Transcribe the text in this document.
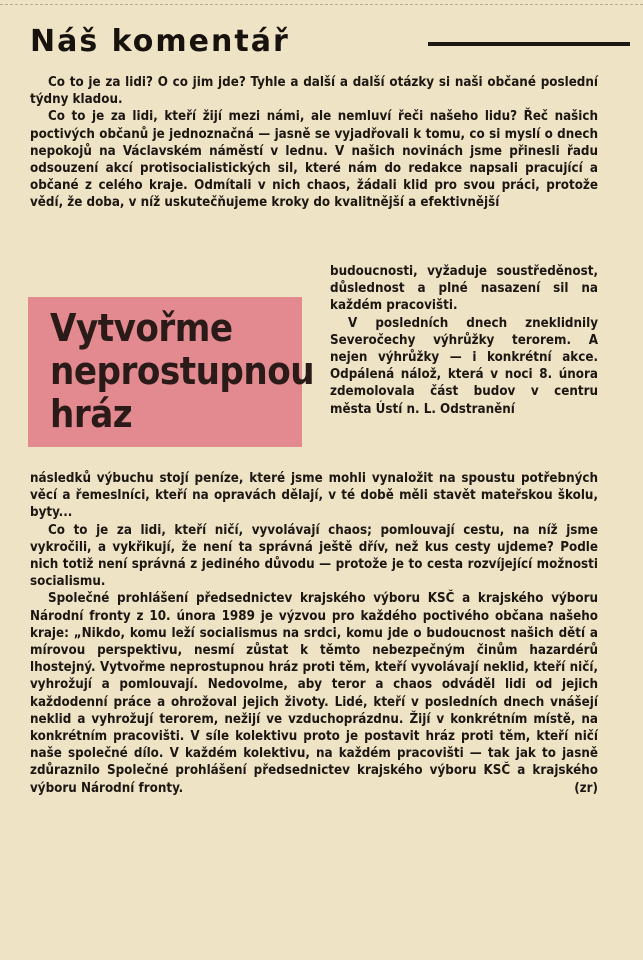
Náš komentář

Co to je za lidi? O co jim jde? Tyhle a další a další otázky si naši občané poslední týdny kladou.

Co to je za lidi, kteří žijí mezi námi, ale nemluví řeči našeho lidu? Řeč našich poctivých občanů je jednoznačná — jasně se vyjadřovali k tomu, co si myslí o dnech nepokojů na Václavském náměstí v lednu. V našich novinách jsme přinesli řadu odsouzení akcí protisocialistických sil, které nám do redakce napsali pracující a občané z celého kraje. Odmítali v nich chaos, žádali klid pro svou práci, protože vědí, že doba, v níž uskutečňujeme kroky do kvalitnější a efektivnější

Vytvořme
neprostupnou
hráz

budoucnosti, vyžaduje soustředěnost, důslednost a plné nasazení sil na každém pracovišti.

V posledních dnech zneklidnily Severočechy výhrůžky terorem. A nejen výhrůžky — i konkrétní akce. Odpálená nálož, která v noci 8. února zdemolovala část budov v centru města Ústí n. L. Odstranění

následků výbuchu stojí peníze, které jsme mohli vynaložit na spoustu potřebných věcí a řemeslníci, kteří na opravách dělají, v té době měli stavět mateřskou školu, byty...

Co to je za lidi, kteří ničí, vyvolávají chaos; pomlouvají cestu, na níž jsme vykročili, a vykřikují, že není ta správná ještě dřív, než kus cesty ujdeme? Podle nich totiž není správná z jediného důvodu — protože je to cesta rozvíjející možnosti socialismu.

Společné prohlášení předsednictev krajského výboru KSČ a krajského výboru Národní fronty z 10. února 1989 je výzvou pro každého poctivého občana našeho kraje: „Nikdo, komu leží socialismus na srdci, komu jde o budoucnost našich dětí a mírovou perspektivu, nesmí zůstat k těmto nebezpečným činům hazardérů lhostejný. Vytvořme neprostupnou hráz proti těm, kteří vyvolávají neklid, kteří ničí, vyhrožují a pomlouvají. Nedovolme, aby teror a chaos odváděl lidi od jejich každodenní práce a ohrožoval jejich životy. Lidé, kteří v posledních dnech vnášejí neklid a vyhrožují terorem, nežijí ve vzduchoprázdnu. Žijí v konkrétním místě, na konkrétním pracovišti. V síle kolektivu proto je postavit hráz proti těm, kteří ničí naše společné dílo. V každém kolektivu, na každém pracovišti — tak jak to jasně zdůraznilo Společné prohlášení předsednictev krajského výboru KSČ a krajského výboru Národní fronty.	(zr)
